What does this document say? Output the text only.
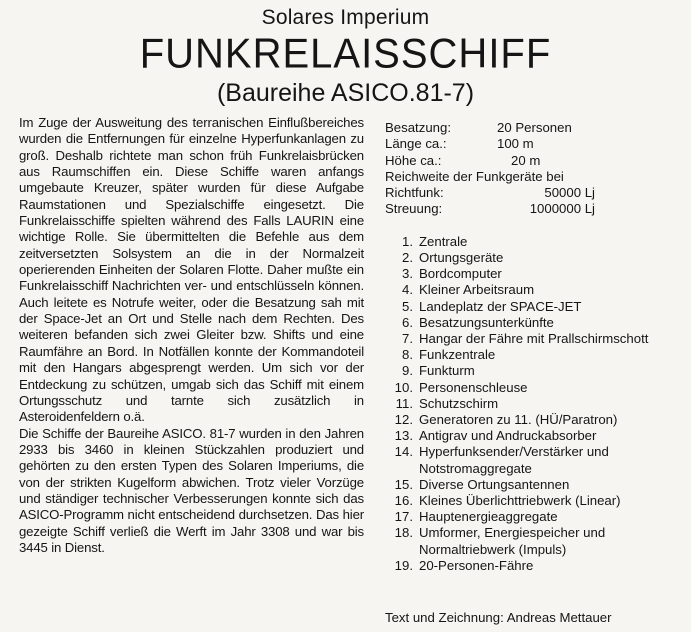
Solares Imperium
FUNKRELAISSCHIFF
(Baureihe ASICO.81-7)

Im Zuge der Ausweitung des terranischen Einflußbereiches wurden die Entfernungen für einzelne Hyperfunkanlagen zu groß. Deshalb richtete man schon früh Funkrelaisbrücken aus Raumschiffen ein. Diese Schiffe waren anfangs umgebaute Kreuzer, später wurden für diese Aufgabe Raumstationen und Spezialschiffe eingesetzt. Die Funkrelaisschiffe spielten während des Falls LAURIN eine wichtige Rolle. Sie übermittelten die Befehle aus dem zeitversetzten Solsystem an die in der Normalzeit operierenden Einheiten der Solaren Flotte. Daher mußte ein Funkrelaisschiff Nachrichten ver- und entschlüsseln können. Auch leitete es Notrufe weiter, oder die Besatzung sah mit der Space-Jet an Ort und Stelle nach dem Rechten. Des weiteren befanden sich zwei Gleiter bzw. Shifts und eine Raumfähre an Bord. In Notfällen konnte der Kommandoteil mit den Hangars abgesprengt werden. Um sich vor der Entdeckung zu schützen, umgab sich das Schiff mit einem Ortungsschutz und tarnte sich zusätzlich in Asteroidenfeldern o.ä.

Die Schiffe der Baureihe ASICO. 81-7 wurden in den Jahren 2933 bis 3460 in kleinen Stückzahlen produziert und gehörten zu den ersten Typen des Solaren Imperiums, die von der strikten Kugelform abwichen. Trotz vieler Vorzüge und ständiger technischer Verbesserungen konnte sich das ASICO-Programm nicht entscheidend durchsetzen. Das hier gezeigte Schiff verließ die Werft im Jahr 3308 und war bis 3445 in Dienst.

Besatzung:	20 Personen
Länge ca.:	100 m
Höhe ca.:	20 m
Reichweite der Funkgeräte bei
Richtfunk:	50000 Lj
Streuung:	1000000 Lj
1. Zentrale
2. Ortungsgeräte
3. Bordcomputer
4. Kleiner Arbeitsraum
5. Landeplatz der SPACE-JET
6. Besatzungsunterkünfte
7. Hangar der Fähre mit Prallschirmschott
8. Funkzentrale
9. Funkturm
10. Personenschleuse
11. Schutzschirm
12. Generatoren zu 11. (HÜ/Paratron)
13. Antigrav und Andruckabsorber
14. Hyperfunksender/Verstärker und Notstromaggregate
15. Diverse Ortungsantennen
16. Kleines Überlichttriebwerk (Linear)
17. Hauptenergieaggregate
18. Umformer, Energiespeicher und Normaltriebwerk (Impuls)
19. 20-Personen-Fähre
Text und Zeichnung: Andreas Mettauer
